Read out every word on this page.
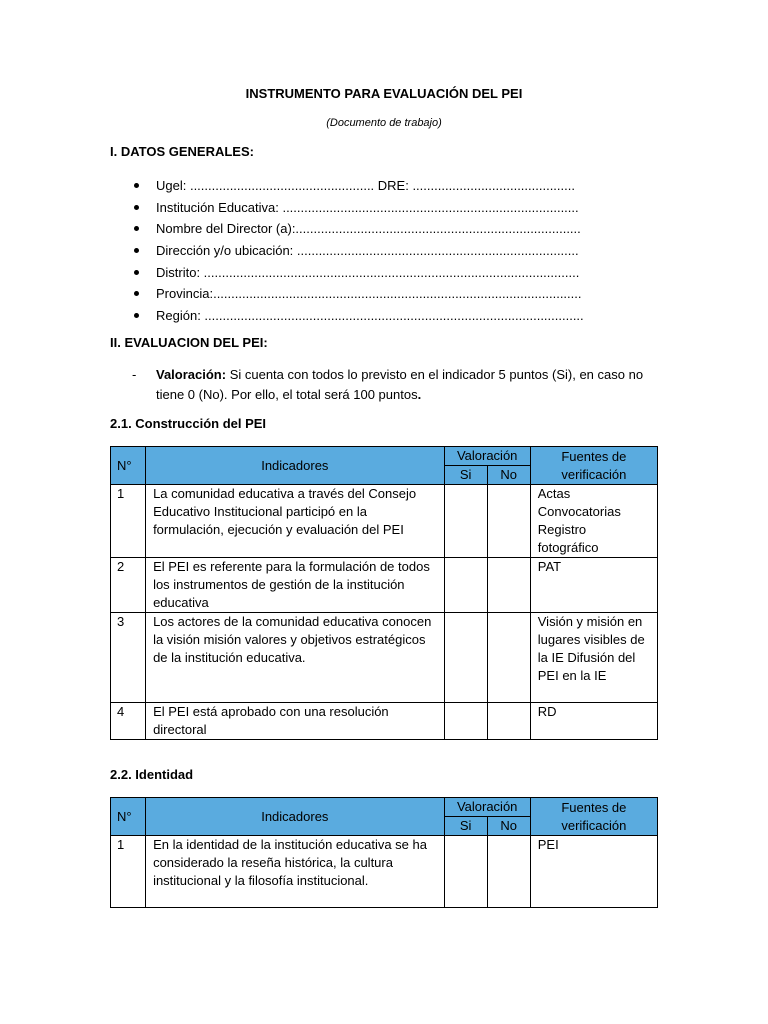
INSTRUMENTO PARA EVALUACIÓN DEL PEI
(Documento de trabajo)
I. DATOS GENERALES:
Ugel: ................................................... DRE: .............................................
Institución Educativa: ..................................................................................
Nombre del Director (a):...............................................................................
Dirección y/o ubicación: ..............................................................................
Distrito: ........................................................................................................
Provincia:......................................................................................................
Región: .........................................................................................................
II. EVALUACION DEL PEI:
-	Valoración: Si cuenta con todos lo previsto en el indicador 5 puntos (Si), en caso no tiene 0 (No). Por ello, el total será 100 puntos.
2.1. Construcción del PEI
N°	Indicadores	Valoración		Fuentes de verificación
		Si	No	
1	La comunidad educativa a través del Consejo Educativo Institucional participó en la formulación, ejecución y evaluación del PEI			Actas Convocatorias Registro fotográfico
2	El PEI es referente para la formulación de todos los instrumentos de gestión de la institución educativa			PAT
3	Los actores de la comunidad educativa conocen la visión misión valores y objetivos estratégicos de la institución educativa.			Visión y misión en lugares visibles de la IE Difusión del PEI en la IE
4	El PEI está aprobado con una resolución directoral			RD
2.2. Identidad
N°	Indicadores	Valoración		Fuentes de verificación
		Si	No	
1	En la identidad de la institución educativa se ha considerado la reseña histórica, la cultura institucional y la filosofía institucional.			PEI
